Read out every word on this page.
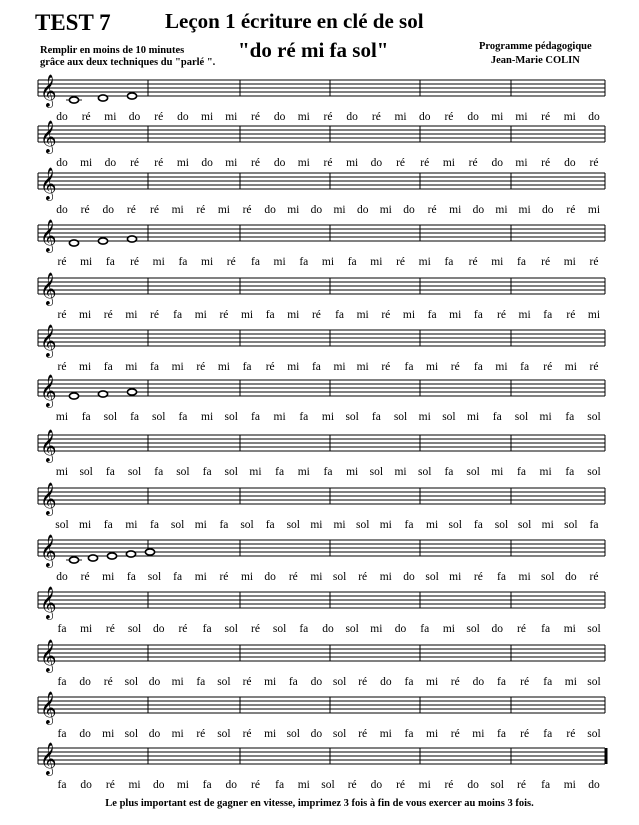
TEST 7	Leçon 1 écriture en clé de sol
"do ré mi fa sol"
Remplir en moins de 10 minutes
grâce aux deux techniques du "parlé ".
Programme pédagogique
Jean-Marie COLIN
𝄞
𝄞
𝄞
𝄞
𝄞
𝄞
𝄞
𝄞
𝄞
𝄞
𝄞
𝄞
𝄞
𝄞
do ré mi do ré do mi mi ré do mi ré do ré mi do ré do mi mi ré mi do
do mi do ré ré mi do mi ré do mi ré mi do ré ré mi ré do mi ré do ré
do ré do ré ré mi ré mi ré do mi do mi do mi do ré mi do mi mi do ré mi
ré mi fa ré mi fa mi ré fa mi fa mi fa mi ré mi fa ré mi fa ré mi ré
ré mi ré mi ré fa mi ré mi fa mi ré fa mi ré mi fa mi fa ré mi fa ré mi
ré mi fa mi fa mi ré mi fa ré mi fa mi mi ré fa mi ré fa mi fa ré mi ré
mi fa sol fa sol fa mi sol fa mi fa mi sol fa sol mi sol mi fa sol mi fa sol
mi sol fa sol fa sol fa sol mi fa mi fa mi sol mi sol fa sol mi fa mi fa sol
sol mi fa mi fa sol mi fa sol fa sol mi mi sol mi fa mi sol fa sol sol mi sol fa
do ré mi fa sol fa mi ré mi do ré mi sol ré mi do sol mi ré fa mi sol do ré
fa mi ré sol do ré fa sol ré sol fa do sol mi do fa mi sol do ré fa mi sol
fa do ré sol do mi fa sol ré mi fa do sol ré do fa mi ré do fa ré fa mi sol
fa do mi sol do mi ré sol ré mi sol do sol ré mi fa mi ré mi fa ré fa ré sol
fa do ré mi do mi fa do ré fa mi sol ré do ré mi ré do sol ré fa mi do
Le plus important est de gagner en vitesse, imprimez 3 fois à fin de vous exercer au moins 3 fois.
